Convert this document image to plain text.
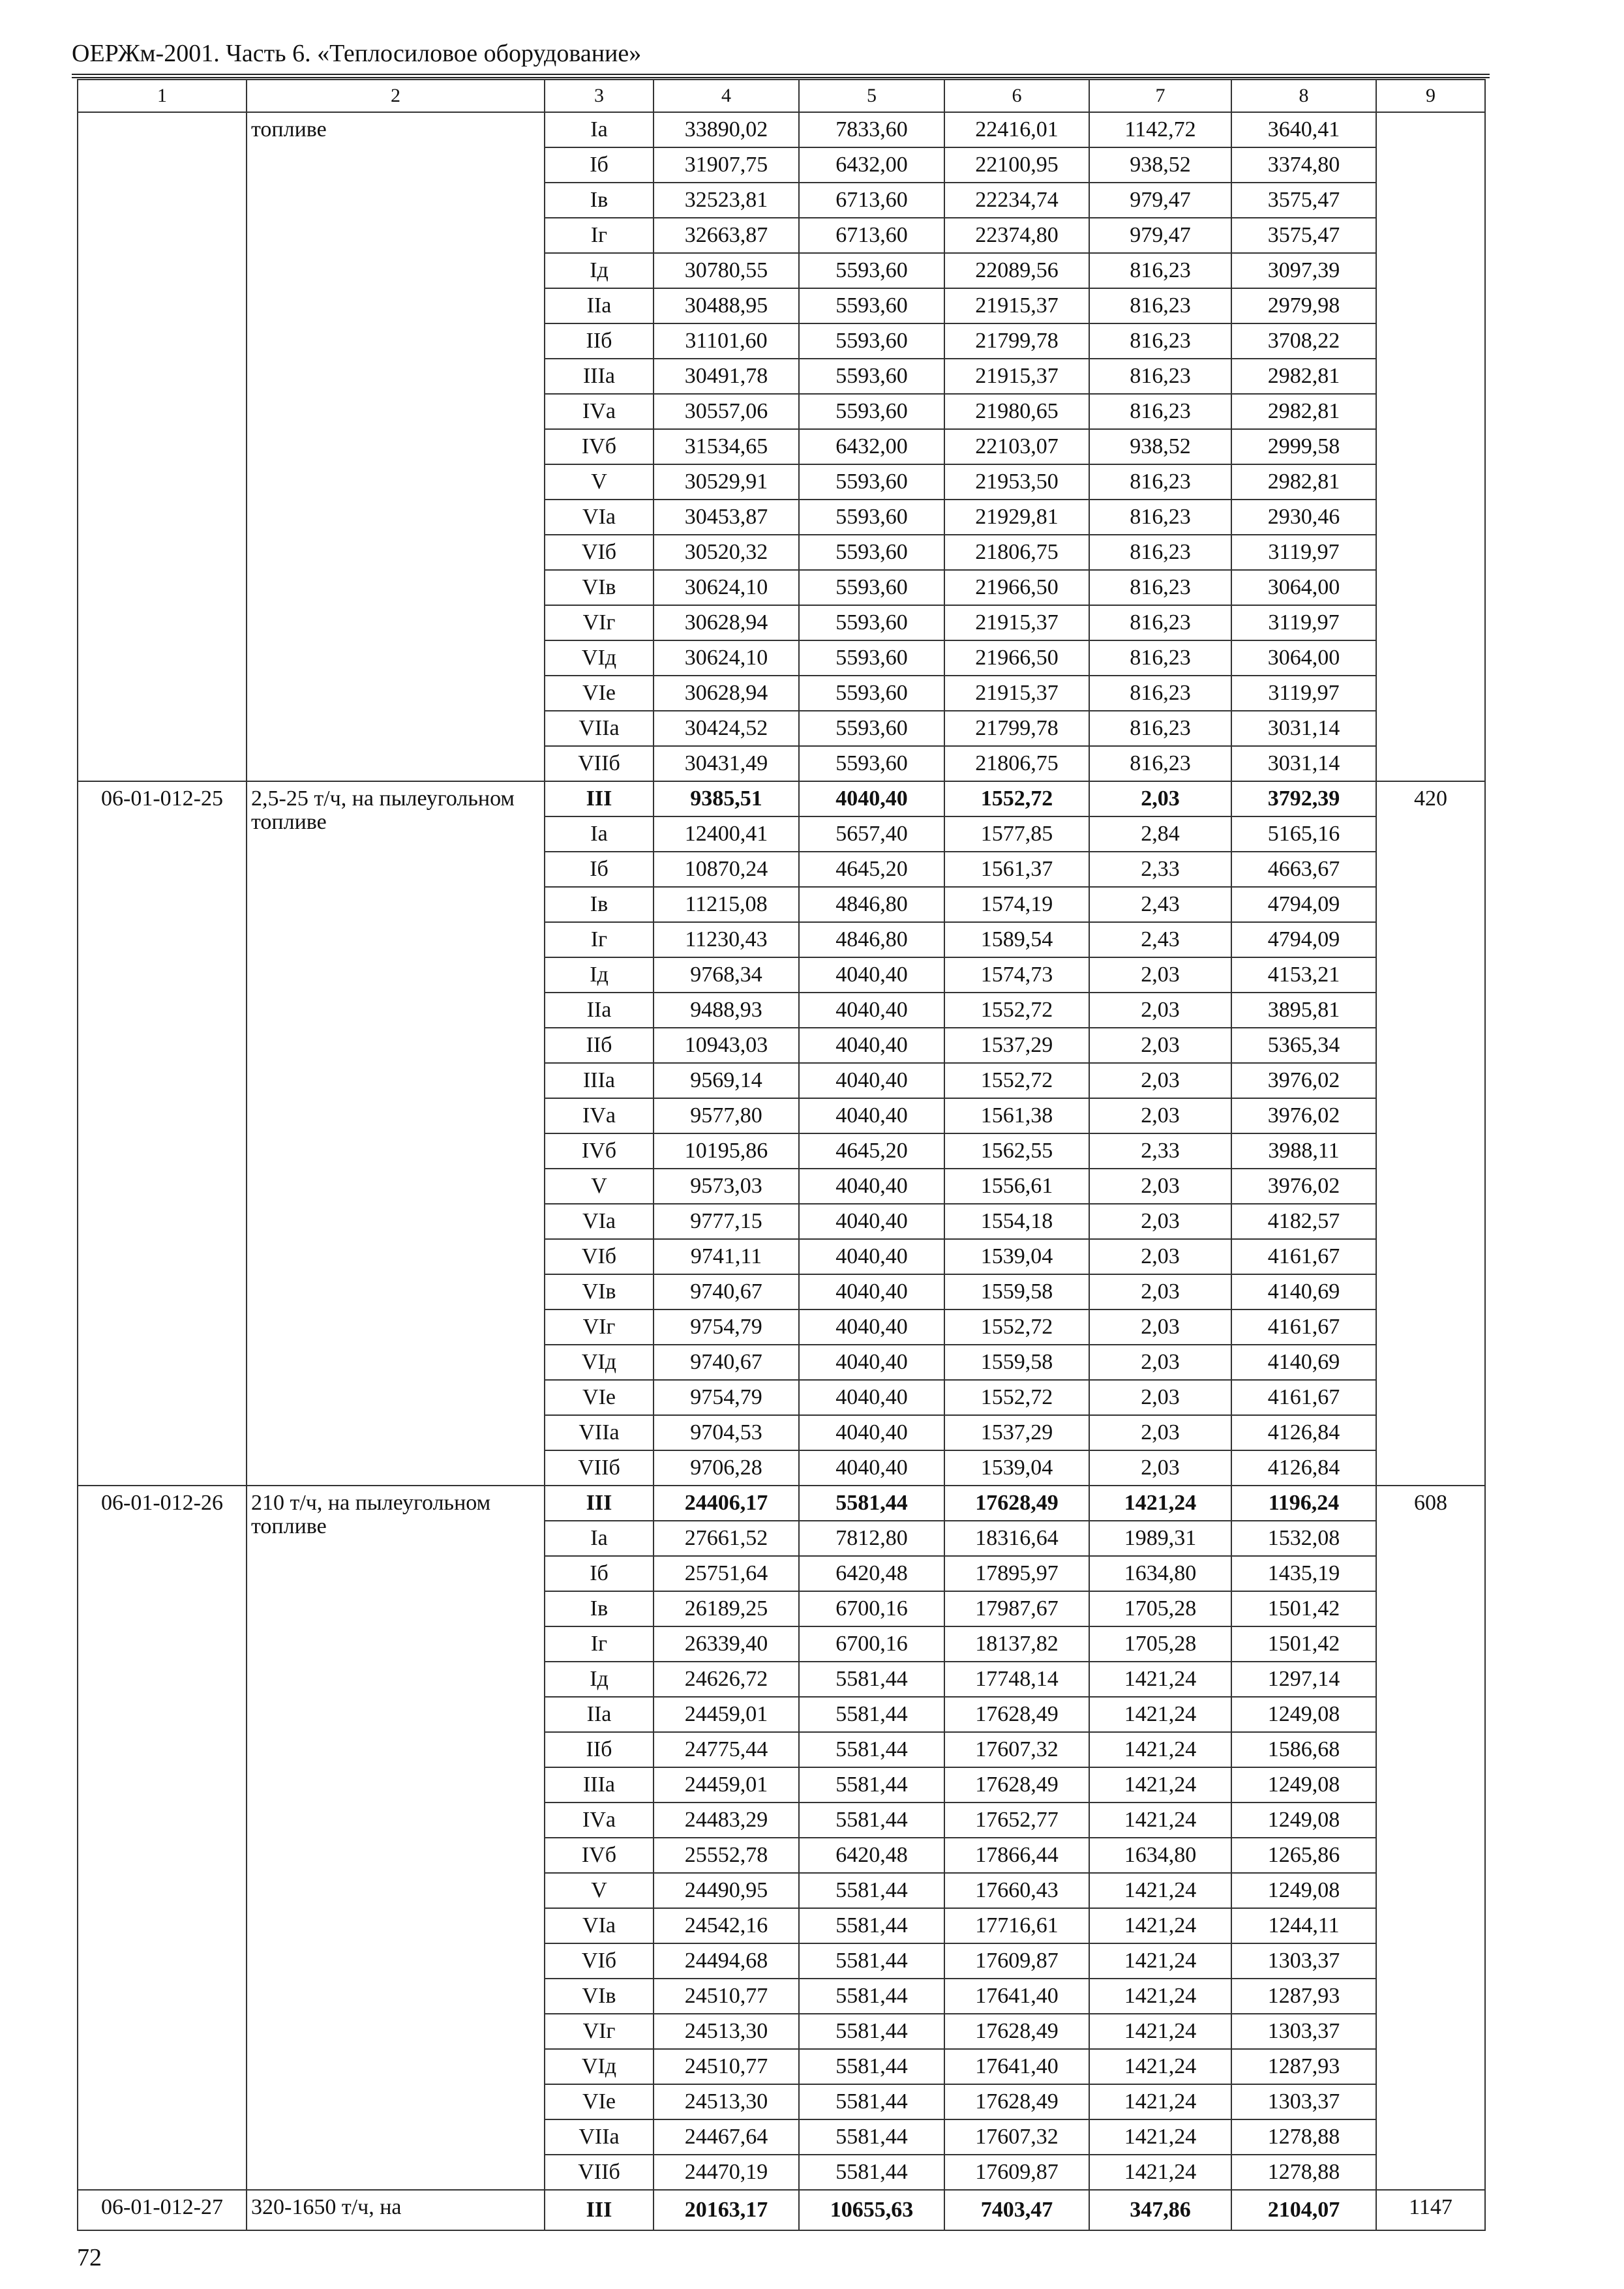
ОЕРЖм-2001. Часть 6. «Теплосиловое оборудование»
1	2	3	4	5	6	7	8	9
	топливе	Iа	33890,02	7833,60	22416,01	1142,72	3640,41	
		Iб	31907,75	6432,00	22100,95	938,52	3374,80	
		Iв	32523,81	6713,60	22234,74	979,47	3575,47	
		Iг	32663,87	6713,60	22374,80	979,47	3575,47	
		Iд	30780,55	5593,60	22089,56	816,23	3097,39	
		IIа	30488,95	5593,60	21915,37	816,23	2979,98	
		IIб	31101,60	5593,60	21799,78	816,23	3708,22	
		IIIа	30491,78	5593,60	21915,37	816,23	2982,81	
		IVа	30557,06	5593,60	21980,65	816,23	2982,81	
		IVб	31534,65	6432,00	22103,07	938,52	2999,58	
		V	30529,91	5593,60	21953,50	816,23	2982,81	
		VIа	30453,87	5593,60	21929,81	816,23	2930,46	
		VIб	30520,32	5593,60	21806,75	816,23	3119,97	
		VIв	30624,10	5593,60	21966,50	816,23	3064,00	
		VIг	30628,94	5593,60	21915,37	816,23	3119,97	
		VIд	30624,10	5593,60	21966,50	816,23	3064,00	
		VIе	30628,94	5593,60	21915,37	816,23	3119,97	
		VIIа	30424,52	5593,60	21799,78	816,23	3031,14	
		VIIб	30431,49	5593,60	21806,75	816,23	3031,14	
06-01-012-25	2,5-25 т/ч, на пылеугольном топливе	III	9385,51	4040,40	1552,72	2,03	3792,39	420
		Iа	12400,41	5657,40	1577,85	2,84	5165,16	
		Iб	10870,24	4645,20	1561,37	2,33	4663,67	
		Iв	11215,08	4846,80	1574,19	2,43	4794,09	
		Iг	11230,43	4846,80	1589,54	2,43	4794,09	
		Iд	9768,34	4040,40	1574,73	2,03	4153,21	
		IIа	9488,93	4040,40	1552,72	2,03	3895,81	
		IIб	10943,03	4040,40	1537,29	2,03	5365,34	
		IIIа	9569,14	4040,40	1552,72	2,03	3976,02	
		IVа	9577,80	4040,40	1561,38	2,03	3976,02	
		IVб	10195,86	4645,20	1562,55	2,33	3988,11	
		V	9573,03	4040,40	1556,61	2,03	3976,02	
		VIа	9777,15	4040,40	1554,18	2,03	4182,57	
		VIб	9741,11	4040,40	1539,04	2,03	4161,67	
		VIв	9740,67	4040,40	1559,58	2,03	4140,69	
		VIг	9754,79	4040,40	1552,72	2,03	4161,67	
		VIд	9740,67	4040,40	1559,58	2,03	4140,69	
		VIе	9754,79	4040,40	1552,72	2,03	4161,67	
		VIIа	9704,53	4040,40	1537,29	2,03	4126,84	
		VIIб	9706,28	4040,40	1539,04	2,03	4126,84	
06-01-012-26	210 т/ч, на пылеугольном топливе	III	24406,17	5581,44	17628,49	1421,24	1196,24	608
		Iа	27661,52	7812,80	18316,64	1989,31	1532,08	
		Iб	25751,64	6420,48	17895,97	1634,80	1435,19	
		Iв	26189,25	6700,16	17987,67	1705,28	1501,42	
		Iг	26339,40	6700,16	18137,82	1705,28	1501,42	
		Iд	24626,72	5581,44	17748,14	1421,24	1297,14	
		IIа	24459,01	5581,44	17628,49	1421,24	1249,08	
		IIб	24775,44	5581,44	17607,32	1421,24	1586,68	
		IIIа	24459,01	5581,44	17628,49	1421,24	1249,08	
		IVа	24483,29	5581,44	17652,77	1421,24	1249,08	
		IVб	25552,78	6420,48	17866,44	1634,80	1265,86	
		V	24490,95	5581,44	17660,43	1421,24	1249,08	
		VIа	24542,16	5581,44	17716,61	1421,24	1244,11	
		VIб	24494,68	5581,44	17609,87	1421,24	1303,37	
		VIв	24510,77	5581,44	17641,40	1421,24	1287,93	
		VIг	24513,30	5581,44	17628,49	1421,24	1303,37	
		VIд	24510,77	5581,44	17641,40	1421,24	1287,93	
		VIе	24513,30	5581,44	17628,49	1421,24	1303,37	
		VIIа	24467,64	5581,44	17607,32	1421,24	1278,88	
		VIIб	24470,19	5581,44	17609,87	1421,24	1278,88	
06-01-012-27	320-1650 т/ч, на	III	20163,17	10655,63	7403,47	347,86	2104,07	1147
72
